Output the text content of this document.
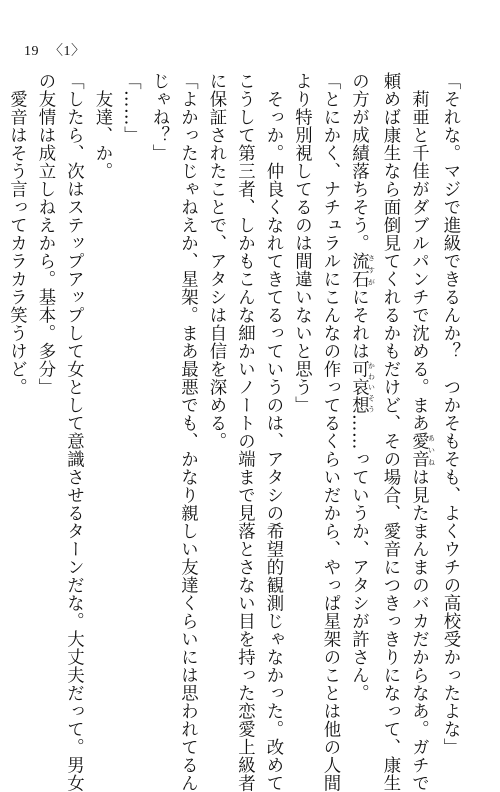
19 〈1〉
「それな。マジで進級できるんか？　つかそもそも、よくウチの高校受かったよな」
　莉亜と千佳がダブルパンチで沈める。まあ愛音 あいねは見たまんまのバカだからなあ。ガチで
頼めば康生なら面倒見てくれるかもだけど、その場合、愛音につきっきりになって、康生
の方が成績落ちそう。流石 さすがにそれは可哀想 かわいそう……っていうか、アタシが許さん。
「とにかく、ナチュラルにこんなの作ってるくらいだから、やっぱ星架のことは他の人間
より特別視してるのは間違いないと思う」
　そっか。仲良くなれてきてるっていうのは、アタシの希望的観測じゃなかった。改めて
こうして第三者、しかもこんな細かいノートの端まで見落とさない目を持った恋愛上級者
に保証されたことで、アタシは自信を深める。
「よかったじゃねえか、星架。まあ最悪でも、かなり親しい友達くらいには思われてるん
じゃね？」
「……」
　友達、か。
「したら、次はステップアップして女として意識させるターンだな。大丈夫だって。男女
の友情は成立しねえから。基本。多分」
　愛音はそう言ってカラカラ笑うけど。
